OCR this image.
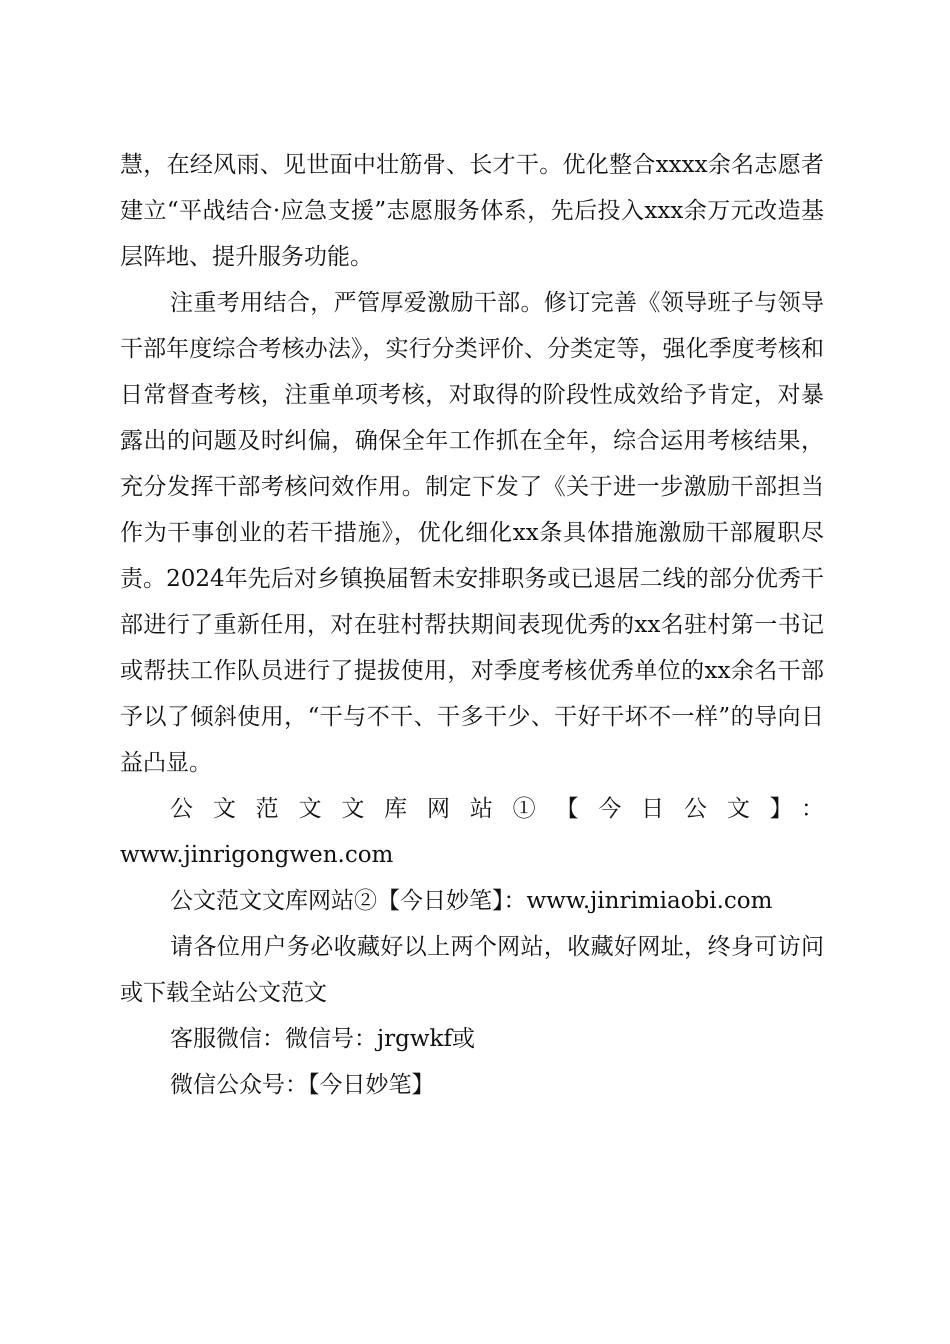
慧，在经风雨、见世面中壮筋骨、长才干。优化整合xxxx余名志愿者建立“平战结合·应急支援”志愿服务体系，先后投入xxx余万元改造基层阵地、提升服务功能。

注重考用结合，严管厚爱激励干部。修订完善《领导班子与领导干部年度综合考核办法》，实行分类评价、分类定等，强化季度考核和日常督查考核，注重单项考核，对取得的阶段性成效给予肯定，对暴露出的问题及时纠偏，确保全年工作抓在全年，综合运用考核结果，充分发挥干部考核问效作用。制定下发了《关于进一步激励干部担当作为干事创业的若干措施》，优化细化xx条具体措施激励干部履职尽责。2024年先后对乡镇换届暂未安排职务或已退居二线的部分优秀干部进行了重新任用，对在驻村帮扶期间表现优秀的xx名驻村第一书记或帮扶工作队员进行了提拔使用，对季度考核优秀单位的xx余名干部予以了倾斜使用，“干与不干、干多干少、干好干坏不一样”的导向日益凸显。

公文范文文库网站①【今日公文】：

www.jinrigongwen.com

公文范文文库网站②【今日妙笔】：www.jinrimiaobi.com

请各位用户务必收藏好以上两个网站，收藏好网址，终身可访问或下载全站公文范文

客服微信：微信号：jrgwkf或

微信公众号：【今日妙笔】
